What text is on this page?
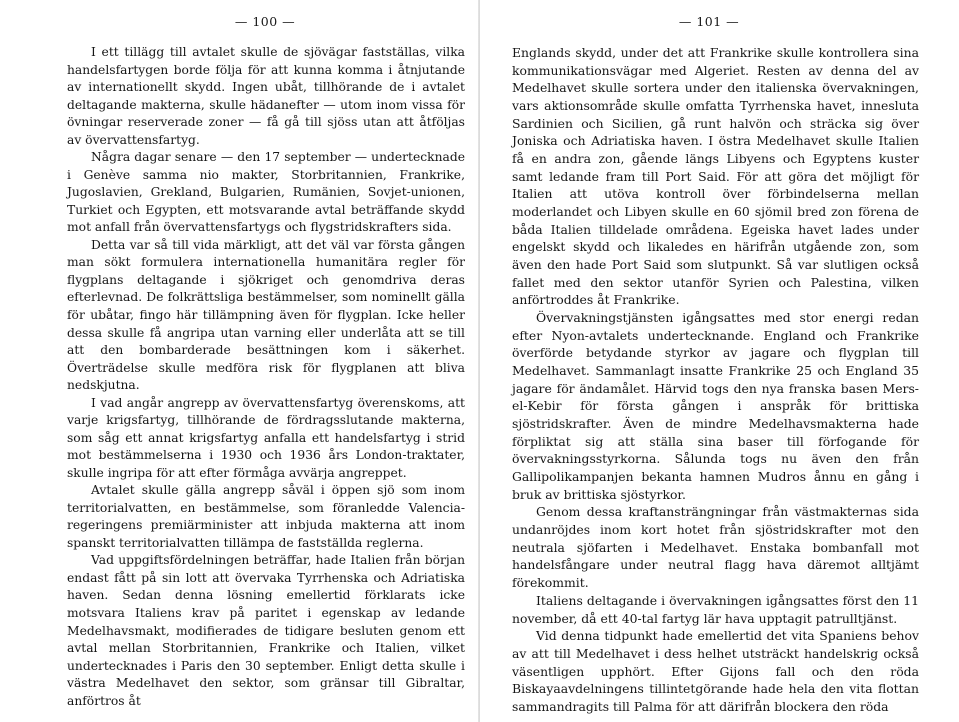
— 100 —

I ett tillägg till avtalet skulle de sjövägar fastställas, vilka handelsfartygen borde följa för att kunna komma i åtnjutande av internationellt skydd. Ingen ubåt, tillhörande de i avtalet deltagande makterna, skulle hädanefter — utom inom vissa för övningar reserverade zoner — få gå till sjöss utan att åtföljas av övervattensfartyg.

Några dagar senare — den 17 september — undertecknade i Genève samma nio makter, Storbritannien, Frankrike, Jugoslavien, Grekland, Bulgarien, Rumänien, Sovjet-unionen, Turkiet och Egypten, ett motsvarande avtal beträffande skydd mot anfall från övervattensfartygs och flygstridskrafters sida.

Detta var så till vida märkligt, att det väl var första gången man sökt formulera internationella humanitära regler för flygplans deltagande i sjökriget och genomdriva deras efterlevnad. De folkrättsliga bestämmelser, som nominellt gälla för ubåtar, fingo här tillämpning även för flygplan. Icke heller dessa skulle få angripa utan varning eller underlåta att se till att den bombarderade besättningen kom i säkerhet. Överträdelse skulle medföra risk för flygplanen att bliva nedskjutna.

I vad angår angrepp av övervattensfartyg överenskoms, att varje krigsfartyg, tillhörande de fördragsslutande makterna, som såg ett annat krigsfartyg anfalla ett handelsfartyg i strid mot bestämmelserna i 1930 och 1936 års London-traktater, skulle ingripa för att efter förmåga avvärja angreppet.

Avtalet skulle gälla angrepp såväl i öppen sjö som inom territorialvatten, en bestämmelse, som föranledde Valencia-regeringens premiärminister att inbjuda makterna att inom spanskt territorialvatten tillämpa de fastställda reglerna.

Vad uppgiftsfördelningen beträffar, hade Italien från början endast fått på sin lott att övervaka Tyrrhenska och Adriatiska haven. Sedan denna lösning emellertid förklarats icke motsvara Italiens krav på paritet i egenskap av ledande Medelhavsmakt, modifierades de tidigare besluten genom ett avtal mellan Storbritannien, Frankrike och Italien, vilket undertecknades i Paris den 30 september. Enligt detta skulle i västra Medelhavet den sektor, som gränsar till Gibraltar, anförtros åt

— 101 —

Englands skydd, under det att Frankrike skulle kontrollera sina kommunikationsvägar med Algeriet. Resten av denna del av Medelhavet skulle sortera under den italienska övervakningen, vars aktionsområde skulle omfatta Tyrrhenska havet, innesluta Sardinien och Sicilien, gå runt halvön och sträcka sig över Joniska och Adriatiska haven. I östra Medelhavet skulle Italien få en andra zon, gående längs Libyens och Egyptens kuster samt ledande fram till Port Said. För att göra det möjligt för Italien att utöva kontroll över förbindelserna mellan moderlandet och Libyen skulle en 60 sjömil bred zon förena de båda Italien tilldelade områdena. Egeiska havet lades under engelskt skydd och likaledes en härifrån utgående zon, som även den hade Port Said som slutpunkt. Så var slutligen också fallet med den sektor utanför Syrien och Palestina, vilken anförtroddes åt Frankrike.

Övervakningstjänsten igångsattes med stor energi redan efter Nyon-avtalets undertecknande. England och Frankrike överförde betydande styrkor av jagare och flygplan till Medelhavet. Sammanlagt insatte Frankrike 25 och England 35 jagare för ändamålet. Härvid togs den nya franska basen Mers-el-Kebir för första gången i anspråk för brittiska sjöstridskrafter. Även de mindre Medelhavsmakterna hade förpliktat sig att ställa sina baser till förfogande för övervakningsstyrkorna. Sålunda togs nu även den från Gallipolikampanjen bekanta hamnen Mudros ånnu en gång i bruk av brittiska sjöstyrkor.

Genom dessa kraftansträngningar från västmakternas sida undanröjdes inom kort hotet från sjöstridskrafter mot den neutrala sjöfarten i Medelhavet. Enstaka bombanfall mot handelsfångare under neutral flagg hava däremot alltjämt förekommit.

Italiens deltagande i övervakningen igångsattes först den 11 november, då ett 40-tal fartyg lär hava upptagit patrulltjänst.

Vid denna tidpunkt hade emellertid det vita Spaniens behov av att till Medelhavet i dess helhet utsträckt handelskrig också väsentligen upphört. Efter Gijons fall och den röda Biskayaavdelningens tillintetgörande hade hela den vita flottan sammandragits till Palma för att därifrån blockera den röda
